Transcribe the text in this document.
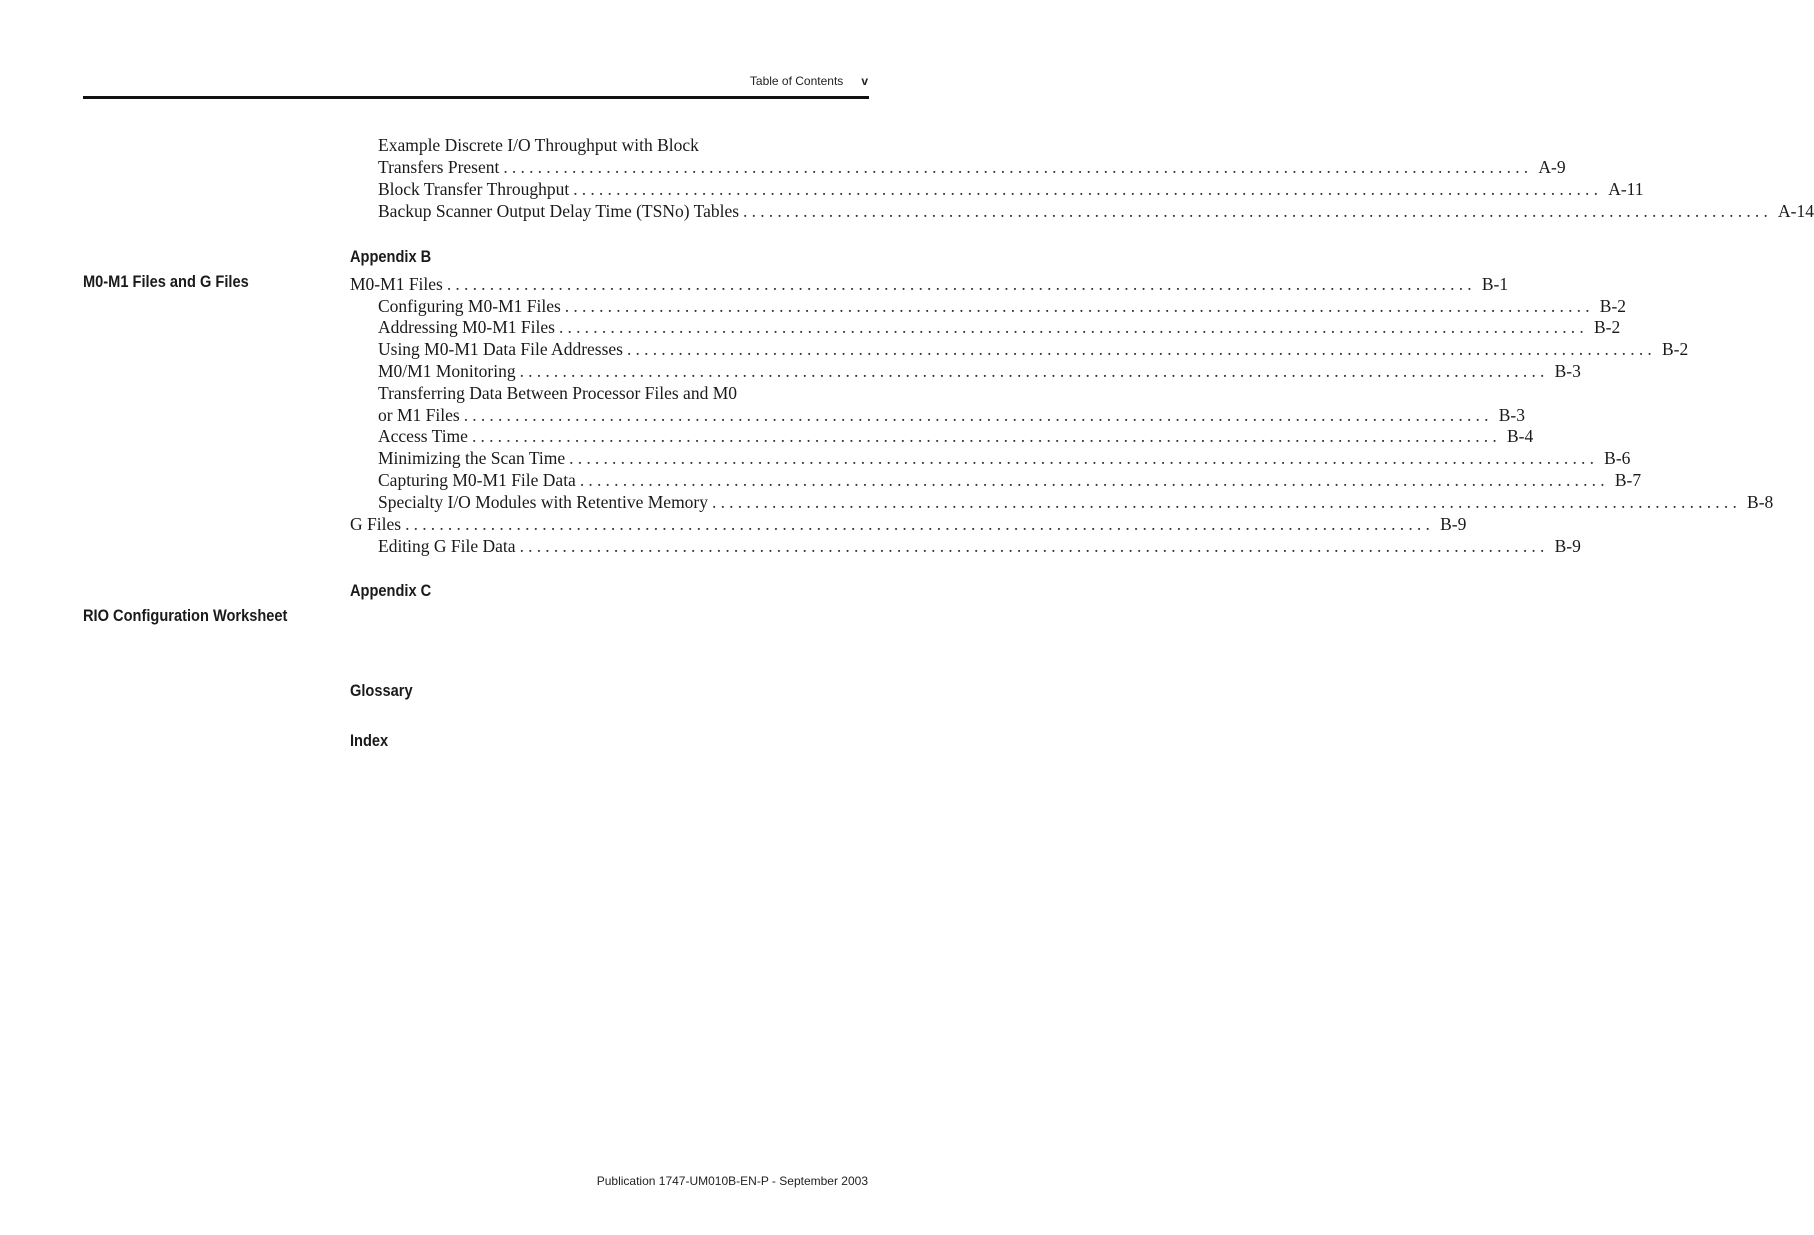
Table of Contents v
Example Discrete I/O Throughput with Block
Transfers Present ........................................................................................................................ A-9
Block Transfer Throughput ........................................................................................................................ A-11
Backup Scanner Output Delay Time (TSNo) Tables ........................................................................................................................ A-14
Appendix B
M0-M1 Files and G Files	M0-M1 Files ........................................................................................................................ B-1
Configuring M0-M1 Files ........................................................................................................................ B-2
Addressing M0-M1 Files ........................................................................................................................ B-2
Using M0-M1 Data File Addresses ........................................................................................................................ B-2
M0/M1 Monitoring ........................................................................................................................ B-3
Transferring Data Between Processor Files and M0
or M1 Files ........................................................................................................................ B-3
Access Time ........................................................................................................................ B-4
Minimizing the Scan Time ........................................................................................................................ B-6
Capturing M0-M1 File Data ........................................................................................................................ B-7
Specialty I/O Modules with Retentive Memory ........................................................................................................................ B-8
G Files ........................................................................................................................ B-9
Editing G File Data ........................................................................................................................ B-9
Appendix C
RIO Configuration Worksheet
Glossary
Index
Publication 1747-UM010B-EN-P - September 2003
